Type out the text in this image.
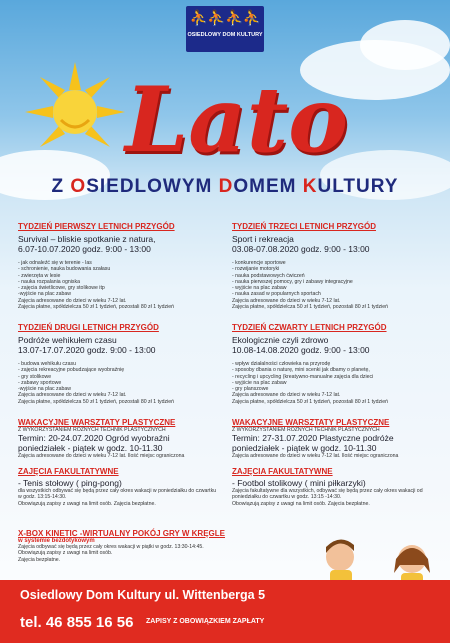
⛹⛹⛹⛹
OSIEDLOWY DOM KULTURY
Lato
Z OSIEDLOWYM DOMEM KULTURY
TYDZIEŃ PIERWSZY LETNICH PRZYGÓD
Survival – bliskie spotkanie z natura,
6.07-10.07.2020 godz. 9:00 - 13:00
- jak odnaleźć się w terenie - las
- schronienie, nauka budowania szałasu
- zwierzęta w lesie
- nauka rozpalania ogniska
- zajęcia świetlicowe, gry stolikowe itp
-wyjście na plac zabaw
Zajęcia adresowane do dzieci w wieku 7-12 lat.
Zajęcia płatne, spółdzielcza 50 zł 1 tydzień, pozostali 80 zł 1 tydzień
TYDZIEŃ TRZECI LETNICH PRZYGÓD
Sport i rekreacja
03.08-07.08.2020 godz. 9:00 - 13:00
- konkurencje sportowe
- rozwijanie motoryki
- nauka podstawowych ćwiczeń
- nauka pierwszej pomocy, gry i zabawy integracyjne
- wyjście na plac zabaw
- nauka zasad w popularnych sportach
Zajęcia adresowane do dzieci w wieku 7-12 lat.
Zajęcia płatne, spółdzielcza 50 zł 1 tydzień, pozostali 80 zł 1 tydzień
TYDZIEŃ DRUGI LETNICH PRZYGÓD
Podróże wehikułem czasu
13.07-17.07.2020 godz. 9:00 - 13:00
- budowa wehikułu czasu
- zajęcia rekreacyjne pobudzające wyobraźnię
- gry stolikowe
- zabawy sportowe
-wyjście na plac zabaw
Zajęcia adresowane do dzieci w wieku 7-12 lat.
Zajęcia płatne, spółdzielcza 50 zł 1 tydzień, pozostali 80 zł 1 tydzień
TYDZIEŃ CZWARTY LETNICH PRZYGÓD
Ekologicznie czyli zdrowo
10.08-14.08.2020 godz. 9:00 - 13:00
- wpływ działalności człowieka na przyrodę
- sposoby dbania o naturę, mini scenki jak dbamy o planetę,
- recycling i upcycling (kreatywno-manualne zajęcia dla dzieci
- wyjście na plac zabaw
- gry planszowe
Zajęcia adresowane do dzieci w wieku 7-12 lat.
Zajęcia płatne, spółdzielcza 50 zł 1 tydzień, pozostali 80 zł 1 tydzień
WAKACYJNE WARSZTATY PLASTYCZNE
Z WYKORZYSTANIEM RÓŻNYCH TECHNIK PLASTYCZNYCH
Termin: 20-24.07.2020 Ogród wyobraźni
poniedziałek - piątek w godz. 10-11.30
Zajęcia adresowane do dzieci w wieku 7-12 lat. Ilość miejsc ograniczona
WAKACYJNE WARSZTATY PLASTYCZNE
Z WYKORZYSTANIEM RÓŻNYCH TECHNIK PLASTYCZNYCH
Termin: 27-31.07.2020 Plastyczne podróże
poniedziałek - piątek w godz. 10-11.30
Zajęcia adresowane do dzieci w wieku 7-12 lat. Ilość miejsc ograniczona
ZAJĘCIA FAKULTATYWNE
- Tenis stołowy ( ping-pong)
dla wszystkich odbywać się będą przez cały okres wakacji w poniedziałku do czwartku w godz. 13:15-14:30.
Obowiązują zapisy z uwagi na limit osób. Zajęcia bezpłatne.
ZAJĘCIA FAKULTATYWNE
- Footbol stolikowy ( mini piłkarzyki)
Zajęcia fakultatywne dla wszystkich, odbywać się będą przez cały okres wakacji od poniedziałku do czwartku w godz. 13:15 -14:30.
Obowiązują zapisy z uwagi na limit osób. Zajęcia bezpłatne.
X-BOX KINETIC -WIRTUALNY POKÓJ GRY W KRĘGLE
w systemie bezdotykowym
Zajęcia odbywać się będą przez cały okres wakacji w piątki w godz. 13:30-14:45.
Obowiązują zapisy z uwagi na limit osób.
Zajęcia bezpłatne.
Osiedlowy Dom Kultury ul. Wittenberga 5
tel. 46 855 16 56 ZAPISY Z OBOWIĄZKIEM ZAPŁATY
